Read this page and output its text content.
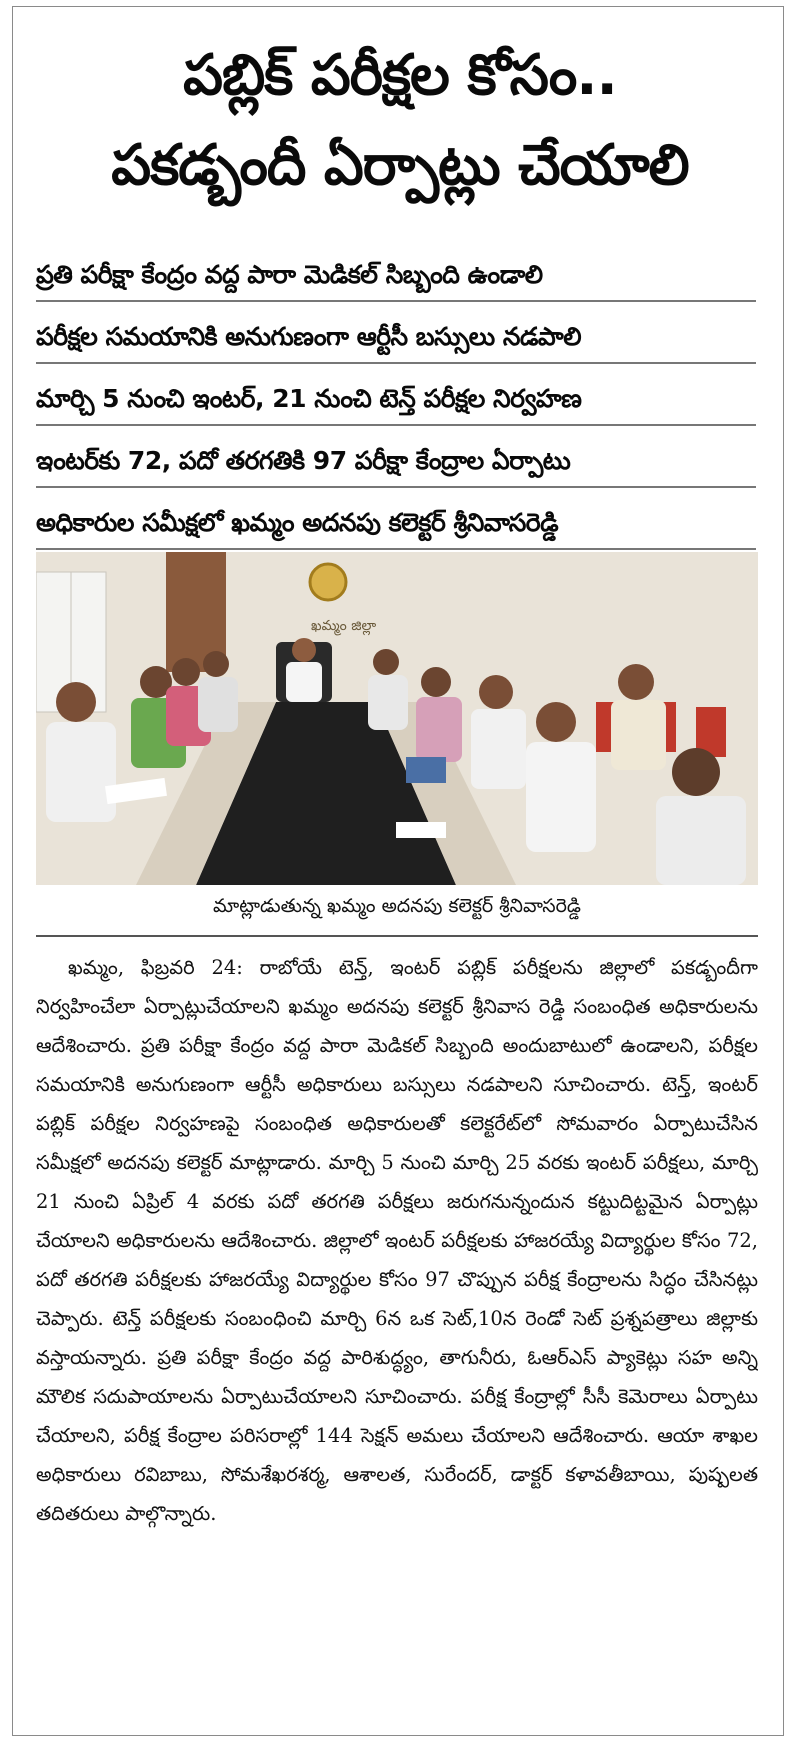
పబ్లిక్ పరీక్షల కోసం..
పకడ్బందీ ఏర్పాట్లు చేయాలి
ప్రతి పరీక్షా కేంద్రం వద్ద పారా మెడికల్ సిబ్బంది ఉండాలి
పరీక్షల సమయానికి అనుగుణంగా ఆర్టీసీ బస్సులు నడపాలి
మార్చి 5 నుంచి ఇంటర్, 21 నుంచి టెన్త్ పరీక్షల నిర్వహణ
ఇంటర్‌కు 72, పదో తరగతికి 97 పరీక్షా కేంద్రాల ఏర్పాటు
అధికారుల సమీక్షలో ఖమ్మం అదనపు కలెక్టర్ శ్రీనివాసరెడ్డి
ఖమ్మం జిల్లా
మాట్లాడుతున్న ఖమ్మం అదనపు కలెక్టర్ శ్రీనివాసరెడ్డి

ఖమ్మం, ఫిబ్రవరి 24: రాబోయే టెన్త్, ఇంటర్ పబ్లిక్ పరీక్షలను జిల్లాలో పకడ్బందీగా నిర్వహించేలా ఏర్పాట్లుచేయాలని ఖమ్మం అదనపు కలెక్టర్ శ్రీనివాస రెడ్డి సంబంధిత అధికారులను ఆదేశించారు. ప్రతి పరీక్షా కేంద్రం వద్ద పారా మెడికల్ సిబ్బంది అందుబాటులో ఉండాలని, పరీక్షల సమయానికి అనుగుణంగా ఆర్టీసీ అధికారులు బస్సులు నడపాలని సూచించారు. టెన్త్, ఇంటర్ పబ్లిక్ పరీక్షల నిర్వహణపై సంబంధిత అధికారులతో కలెక్టరేట్‌లో సోమవారం ఏర్పాటుచేసిన సమీక్షలో అదనపు కలెక్టర్ మాట్లాడారు. మార్చి 5 నుంచి మార్చి 25 వరకు ఇంటర్ పరీక్షలు, మార్చి 21 నుంచి ఏప్రిల్ 4 వరకు పదో తరగతి పరీక్షలు జరుగనున్నందున కట్టుదిట్టమైన ఏర్పాట్లు చేయాలని అధికారులను ఆదేశించారు. జిల్లాలో ఇంటర్ పరీక్షలకు హాజరయ్యే విద్యార్థుల కోసం 72, పదో తరగతి పరీక్షలకు హాజరయ్యే విద్యార్థుల కోసం 97 చొప్పున పరీక్ష కేంద్రాలను సిద్ధం చేసినట్లు చెప్పారు. టెన్త్ పరీక్షలకు సంబంధించి మార్చి 6న ఒక సెట్,10న రెండో సెట్ ప్రశ్నపత్రాలు జిల్లాకు వస్తాయన్నారు. ప్రతి పరీక్షా కేంద్రం వద్ద పారిశుద్ధ్యం, తాగునీరు, ఓఆర్ఎస్ ప్యాకెట్లు సహ అన్ని మౌలిక సదుపాయాలను ఏర్పాటుచేయాలని సూచించారు. పరీక్ష కేంద్రాల్లో సీసీ కెమెరాలు ఏర్పాటు చేయాలని, పరీక్ష కేంద్రాల పరిసరాల్లో 144 సెక్షన్ అమలు చేయాలని ఆదేశించారు. ఆయా శాఖల అధికారులు రవిబాబు, సోమశేఖరశర్మ, ఆశాలత, సురేందర్, డాక్టర్ కళావతీబాయి, పుష్పలత తదితరులు పాల్గొన్నారు.
